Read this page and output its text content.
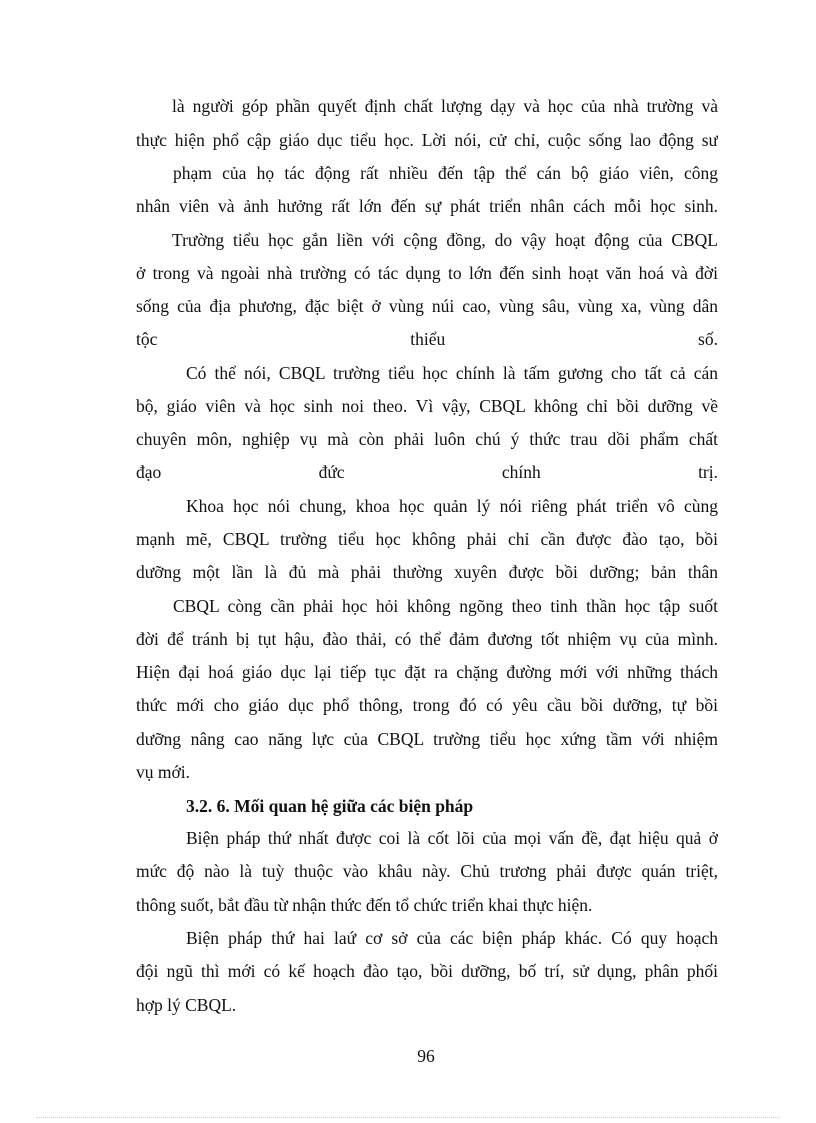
là người góp phần quyết định chất lượng dạy và học của nhà trường và
thực hiện phổ cập giáo dục tiểu học. Lời nói, cử chỉ, cuộc sống lao động sư
phạm của họ tác động rất nhiều đến tập thể cán bộ giáo viên, công
nhân viên và ảnh hưởng rất lớn đến sự phát triển nhân cách mỗi học sinh.
Trường tiểu học gắn liền với cộng đồng, do vậy hoạt động của CBQL
ở trong và ngoài nhà trường có tác dụng to lớn đến sinh hoạt văn hoá và đời
sống của địa phương, đặc biệt ở vùng núi cao, vùng sâu, vùng xa, vùng dân
tộc thiểu số.
Có thể nói, CBQL trường tiểu học chính là tấm gương cho tất cả cán
bộ, giáo viên và học sinh noi theo. Vì vậy, CBQL không chỉ bồi dưỡng về
chuyên môn, nghiệp vụ mà còn phải luôn chú ý thức trau dồi phẩm chất
đạo đức chính trị.
Khoa học nói chung, khoa học quản lý nói riêng phát triển vô cùng
mạnh mẽ, CBQL trường tiểu học không phải chỉ cần được đào tạo, bồi
dưỡng một lần là đủ mà phải thường xuyên được bồi dưỡng; bản thân
CBQL còng cần phải học hỏi không ngõng theo tinh thần học tập suốt
đời để tránh bị tụt hậu, đào thải, có thể đảm đương tốt nhiệm vụ của mình.
Hiện đại hoá giáo dục lại tiếp tục đặt ra chặng đường mới với những thách
thức mới cho giáo dục phổ thông, trong đó có yêu cầu bồi dưỡng, tự bồi
dưỡng nâng cao năng lực của CBQL trường tiểu học xứng tầm với nhiệm
vụ mới.
3.2. 6. Mối quan hệ giữa các biện pháp
Biện pháp thứ nhất được coi là cốt lõi của mọi vấn đề, đạt hiệu quả ở
mức độ nào là tuỳ thuộc vào khâu này. Chủ trương phải được quán triệt,
thông suốt, bắt đầu từ nhận thức đến tổ chức triển khai thực hiện.
Biện pháp thứ hai laứ cơ sở của các biện pháp khác. Có quy hoạch
đội ngũ thì mới có kế hoạch đào tạo, bồi dưỡng, bố trí, sử dụng, phân phối
hợp lý CBQL.
96
